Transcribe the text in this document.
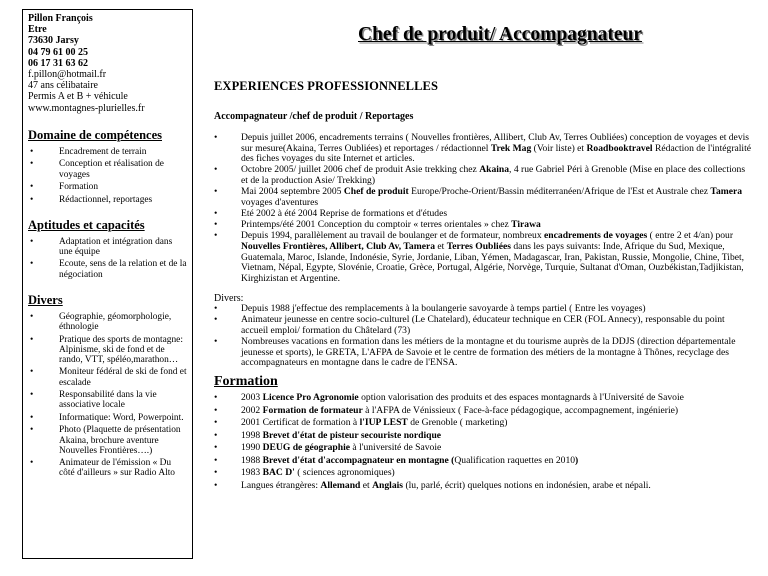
Pillon François
Etre
73630 Jarsy
04 79 61 00 25
06 17 31 63 62
f.pillon@hotmail.fr
47 ans célibataire
Permis A et B + véhicule
www.montagnes-plurielles.fr
Domaine de compétences
• Encadrement de terrain
• Conception et réalisation de voyages
• Formation
• Rédactionnel, reportages
Aptitudes et capacités
• Adaptation et intégration dans une équipe
• Ecoute, sens de la relation et de la négociation
Divers
• Géographie, géomorphologie, éthnologie
• Pratique des sports de montagne: Alpinisme, ski de fond et de rando, VTT, spéléo,marathon…
• Moniteur fédéral de ski de fond et escalade
• Responsabilité dans la vie associative locale
• Informatique: Word, Powerpoint.
• Photo (Plaquette de présentation Akaina, brochure aventure Nouvelles Frontières….)
• Animateur de l'émission « Du côté d'ailleurs » sur Radio Alto
Chef de produit/ Accompagnateur
EXPERIENCES PROFESSIONNELLES
Accompagnateur /chef de produit / Reportages
• Depuis juillet 2006, encadrements terrains ( Nouvelles frontières, Allibert, Club Av, Terres Oubliées) conception de voyages et devis sur mesure(Akaina, Terres Oubliées) et reportages / rédactionnel Trek Mag (Voir liste) et Roadbooktravel Rédaction de l'intégralité des fiches voyages du site Internet et articles.
• Octobre 2005/ juillet 2006 chef de produit Asie trekking chez Akaina, 4 rue Gabriel Péri à Grenoble (Mise en place des collections et de la production Asie/ Trekking)
• Mai 2004 septembre 2005 Chef de produit Europe/Proche-Orient/Bassin méditerranéen/Afrique de l'Est et Australe chez Tamera voyages d'aventures
• Eté 2002 à été 2004 Reprise de formations et d'études
• Printemps/été 2001 Conception du comptoir « terres orientales » chez Tirawa
• Depuis 1994, parallèlement au travail de boulanger et de formateur, nombreux encadrements de voyages ( entre 2 et 4/an) pour Nouvelles Frontières, Allibert, Club Av, Tamera et Terres Oubliées dans les pays suivants: Inde, Afrique du Sud, Mexique, Guatemala, Maroc, Islande, Indonésie, Syrie, Jordanie, Liban, Yémen, Madagascar, Iran, Pakistan, Russie, Mongolie, Chine, Tibet, Vietnam, Népal, Egypte, Slovénie, Croatie, Grèce, Portugal, Algérie, Norvège, Turquie, Sultanat d'Oman, Ouzbékistan,Tadjikistan, Kirghizistan et Argentine.
Divers:
• Depuis 1988 j'effectue des remplacements à la boulangerie savoyarde à temps partiel ( Entre les voyages)
• Animateur jeunesse en centre socio-culturel (Le Chatelard), éducateur technique en CER (FOL Annecy), responsable du point accueil emploi/ formation du Châtelard (73)
• Nombreuses vacations en formation dans les métiers de la montagne et du tourisme auprès de la DDJS (direction départementale jeunesse et sports), le GRETA, L'AFPA de Savoie et le centre de formation des métiers de la montagne à Thônes, recyclage des accompagnateurs en montagne dans le cadre de l'ENSA.
Formation
• 2003 Licence Pro Agronomie option valorisation des produits et des espaces montagnards à l'Université de Savoie
• 2002 Formation de formateur à l'AFPA de Vénissieux ( Face-à-face pédagogique, accompagnement, ingénierie)
• 2001 Certificat de formation à l'IUP LEST de Grenoble ( marketing)
• 1998 Brevet d'état de pisteur secouriste nordique
• 1990 DEUG de géographie à l'université de Savoie
• 1988 Brevet d'état d'accompagnateur en montagne (Qualification raquettes en 2010)
• 1983 BAC D' ( sciences agronomiques)
• Langues étrangères: Allemand et Anglais (lu, parlé, écrit) quelques notions en indonésien, arabe et népali.
